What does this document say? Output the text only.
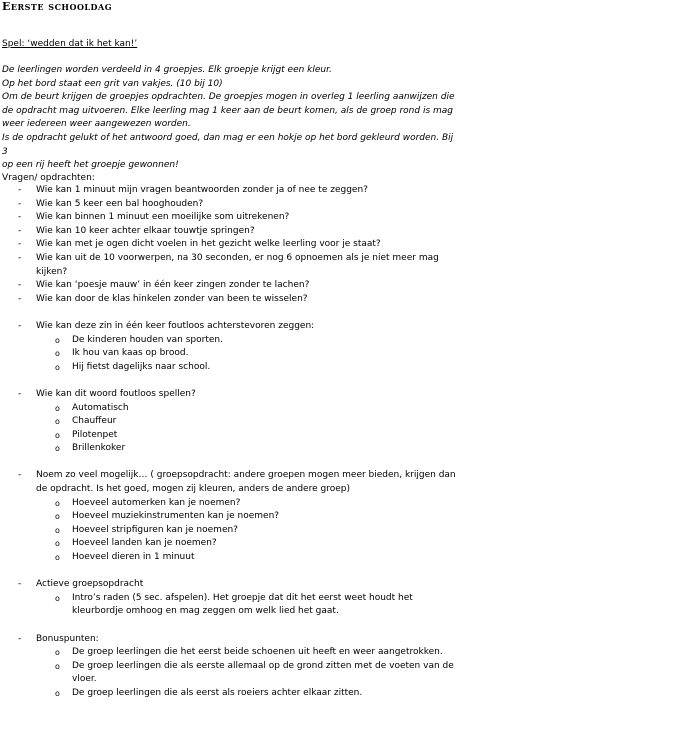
Eerste schooldag
Spel: ‘wedden dat ik het kan!’

De leerlingen worden verdeeld in 4 groepjes. Elk groepje krijgt een kleur.

Op het bord staat een grit van vakjes. (10 bij 10)

Om de beurt krijgen de groepjes opdrachten. De groepjes mogen in overleg 1 leerling aanwijzen die

de opdracht mag uitvoeren. Elke leerling mag 1 keer aan de beurt komen, als de groep rond is mag

weer iedereen weer aangewezen worden.

Is de opdracht gelukt of het antwoord goed, dan mag er een hokje op het bord gekleurd worden. Bij 3

op een rij heeft het groepje gewonnen!

Vragen/ opdrachten:
- Wie kan 1 minuut mijn vragen beantwoorden zonder ja of nee te zeggen?
- Wie kan 5 keer een bal hooghouden?
- Wie kan binnen 1 minuut een moeilijke som uitrekenen?
- Wie kan 10 keer achter elkaar touwtje springen?
- Wie kan met je ogen dicht voelen in het gezicht welke leerling voor je staat?
- Wie kan uit de 10 voorwerpen, na 30 seconden, er nog 6 opnoemen als je niet meer mag kijken?
- Wie kan ‘poesje mauw’ in één keer zingen zonder te lachen?
- Wie kan door de klas hinkelen zonder van been te wisselen?
- Wie kan deze zin in één keer foutloos achterstevoren zeggen:
o De kinderen houden van sporten.
o Ik hou van kaas op brood.
o Hij fietst dagelijks naar school.
- Wie kan dit woord foutloos spellen?
o Automatisch
o Chauffeur
o Pilotenpet
o Brillenkoker
- Noem zo veel mogelijk… ( groepsopdracht: andere groepen mogen meer bieden, krijgen dan de opdracht. Is het goed, mogen zij kleuren, anders de andere groep)
o Hoeveel automerken kan je noemen?
o Hoeveel muziekinstrumenten kan je noemen?
o Hoeveel stripfiguren kan je noemen?
o Hoeveel landen kan je noemen?
o Hoeveel dieren in 1 minuut
- Actieve groepsopdracht
o Intro’s raden (5 sec. afspelen). Het groepje dat dit het eerst weet houdt het kleurbordje omhoog en mag zeggen om welk lied het gaat.
- Bonuspunten:
o De groep leerlingen die het eerst beide schoenen uit heeft en weer aangetrokken.
o De groep leerlingen die als eerste allemaal op de grond zitten met de voeten van de vloer.
o De groep leerlingen die als eerst als roeiers achter elkaar zitten.
